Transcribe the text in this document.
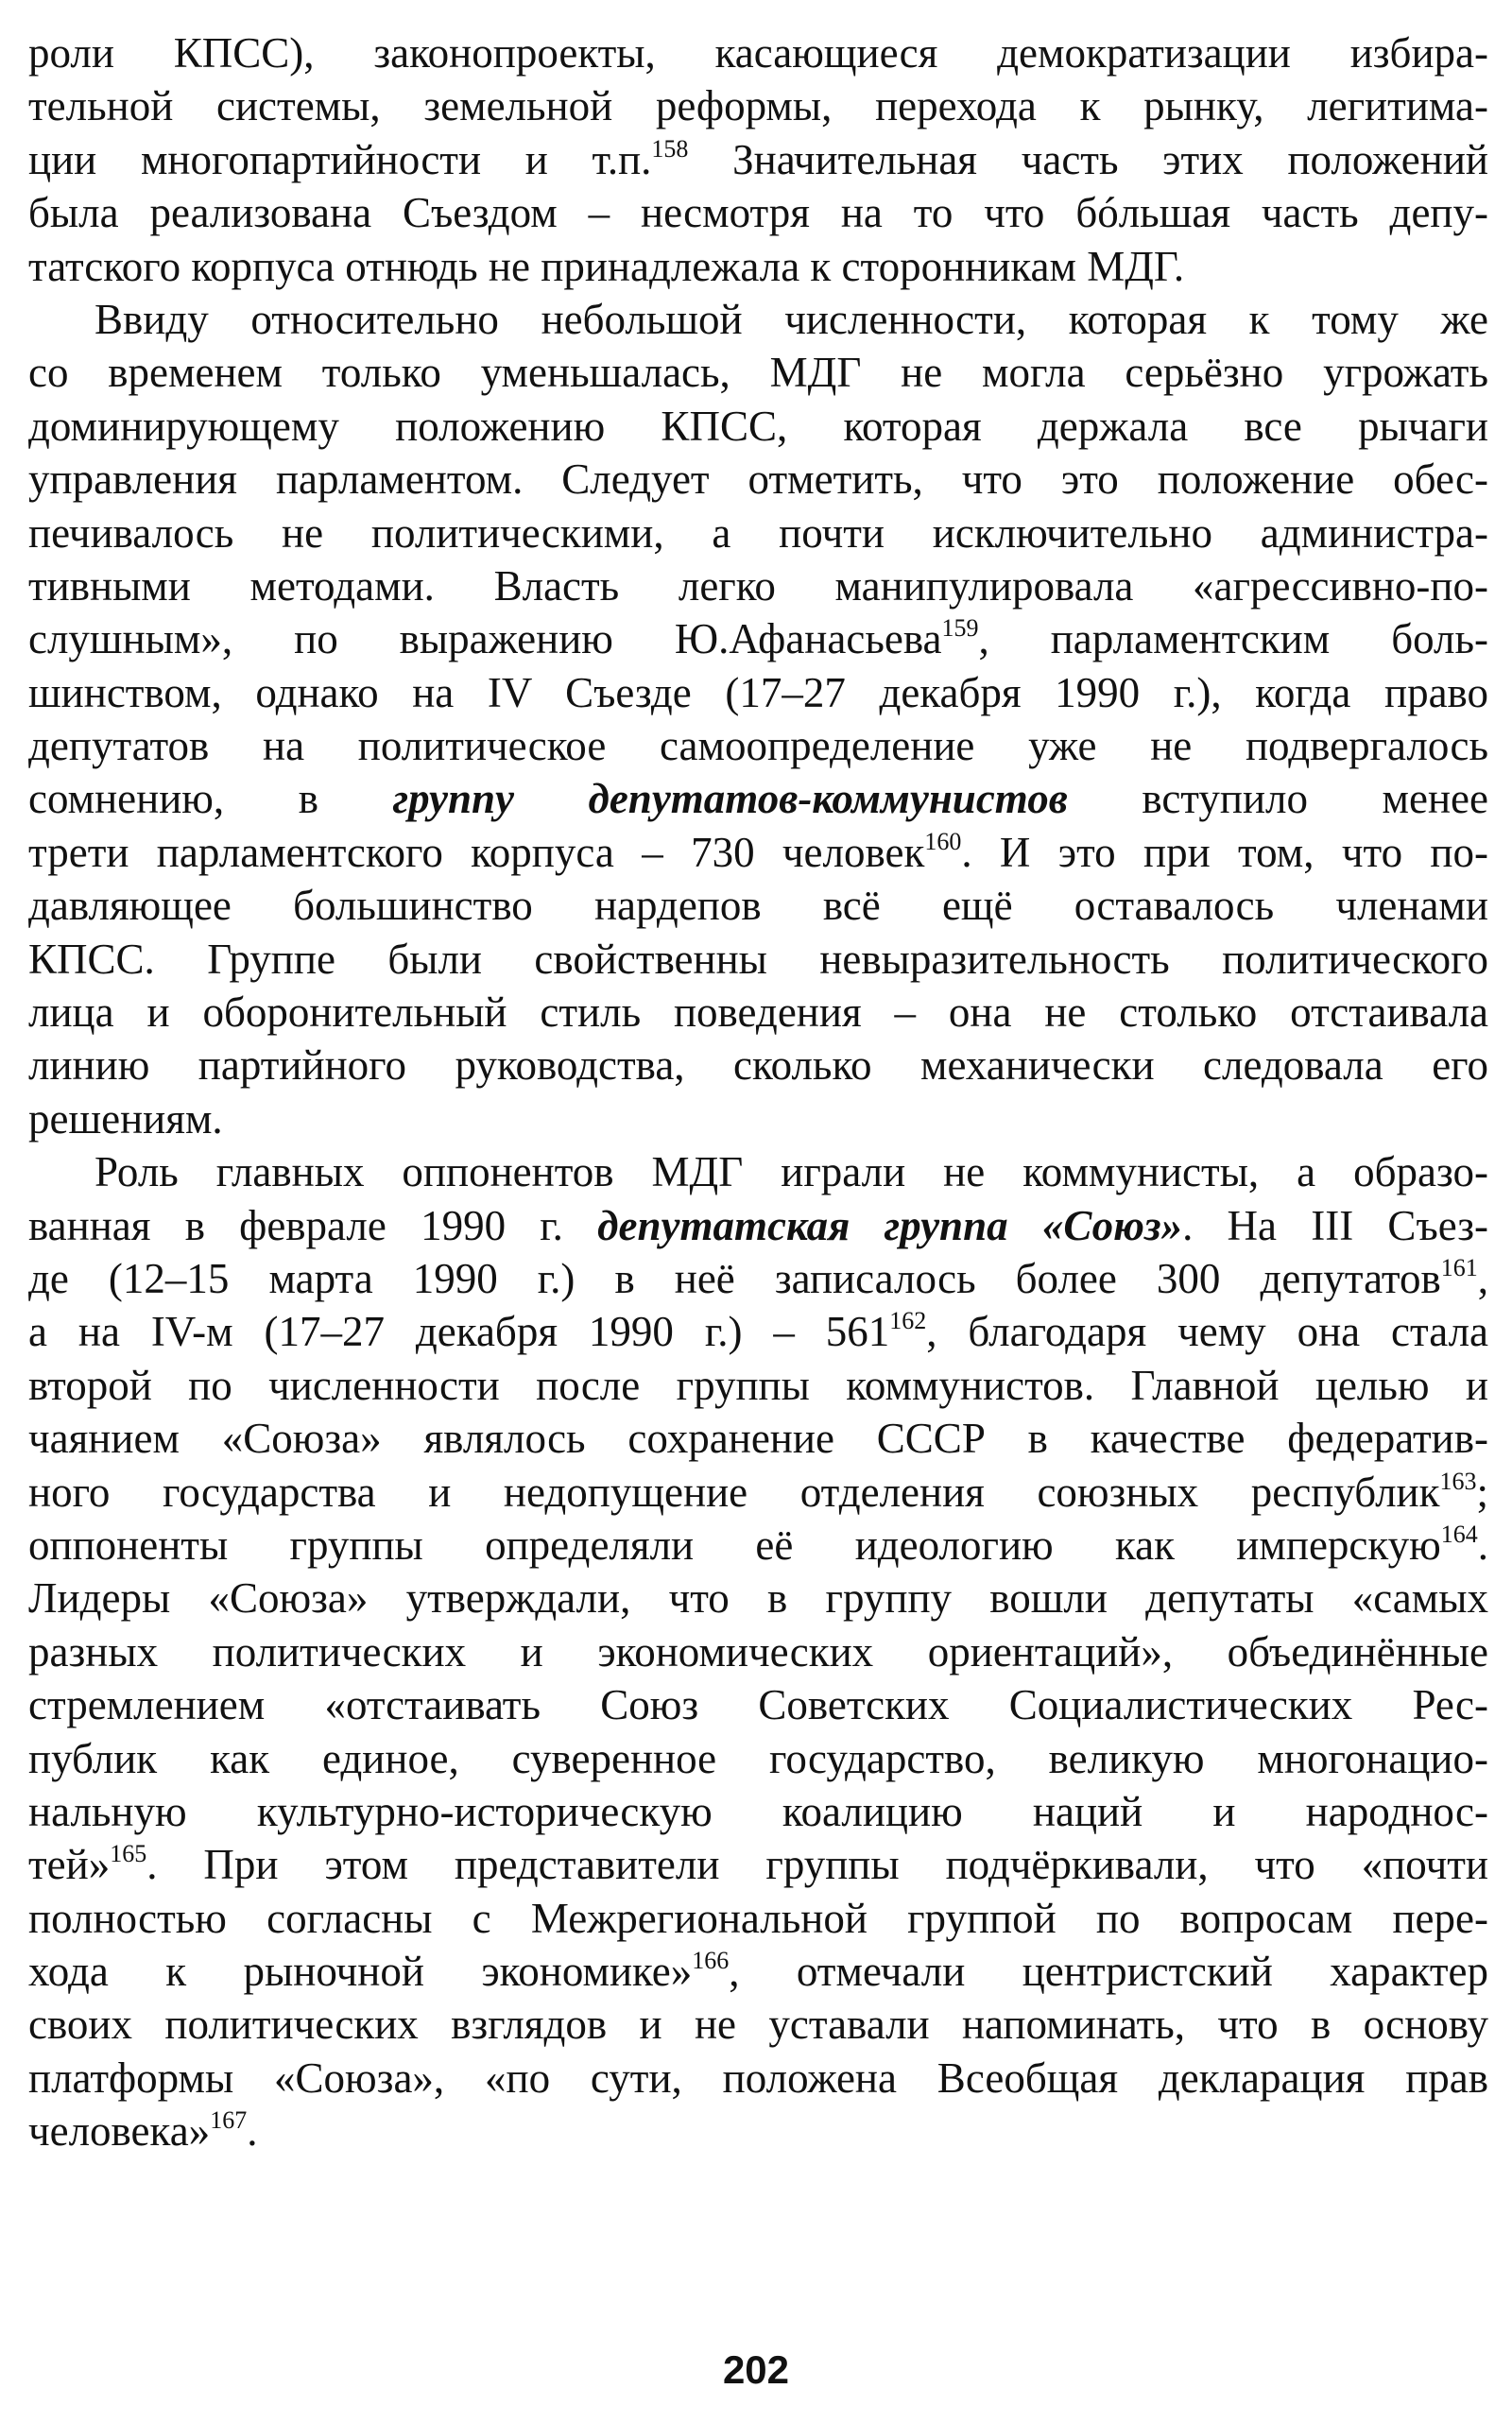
роли КПСС), законопроекты, касающиеся демократизации избира-
тельной системы, земельной реформы, перехода к рынку, легитима-
ции многопартийности и т.п.$^{158}$ Значительная часть этих положений
была реализована Съездом – несмотря на то что бóльшая часть депу-
татского корпуса отнюдь не принадлежала к сторонникам МДГ.
Ввиду относительно небольшой численности, которая к тому же
со временем только уменьшалась, МДГ не могла серьёзно угрожать
доминирующему положению КПСС, которая держала все рычаги
управления парламентом. Следует отметить, что это положение обес-
печивалось не политическими, а почти исключительно администра-
тивными методами. Власть легко манипулировала «агрессивно-по-
слушным», по выражению Ю.Афанасьева$^{159}$, парламентским боль-
шинством, однако на IV Съезде (17–27 декабря 1990 г.), когда право
депутатов на политическое самоопределение уже не подвергалось
сомнению, в группу депутатов-коммунистов вступило менее
трети парламентского корпуса – 730 человек$^{160}$. И это при том, что по-
давляющее большинство нардепов всё ещё оставалось членами
КПСС. Группе были свойственны невыразительность политического
лица и оборонительный стиль поведения – она не столько отстаивала
линию партийного руководства, сколько механически следовала его
решениям.
Роль главных оппонентов МДГ играли не коммунисты, а образо-
ванная в феврале 1990 г. депутатская группа «Союз». На III Съез-
де (12–15 марта 1990 г.) в неё записалось более 300 депутатов$^{161}$,
а на IV-м (17–27 декабря 1990 $г.) - 561^{162}$, благодаря чему она стала
второй по численности после группы коммунистов. Главной целью и
чаянием «Союза» являлось сохранение СССР в качестве федератив-
ного государства и недопущение отделения союзных республик$^{163}$;
оппоненты группы определяли её идеологию как имперскую$^{164}$.
Лидеры «Союза» утверждали, что в группу вошли депутаты «самых
разных политических и экономических ориентаций», объединённые
стремлением «отстаивать Союз Советских Социалистических Рес-
публик как единое, суверенное государство, великую многонацио-
нальную культурно-историческую коалицию наций и народнос-
тей»$^{165}$. При этом представители группы подчёркивали, что «почти
полностью согласны с Межрегиональной группой по вопросам пере-
хода к рыночной экономике»$^{166}$, отмечали центристский характер
своих политических взглядов и не уставали напоминать, что в основу
платформы «Союза», «по сути, положена Всеобщая декларация прав
человека»$^{167}$.
202
